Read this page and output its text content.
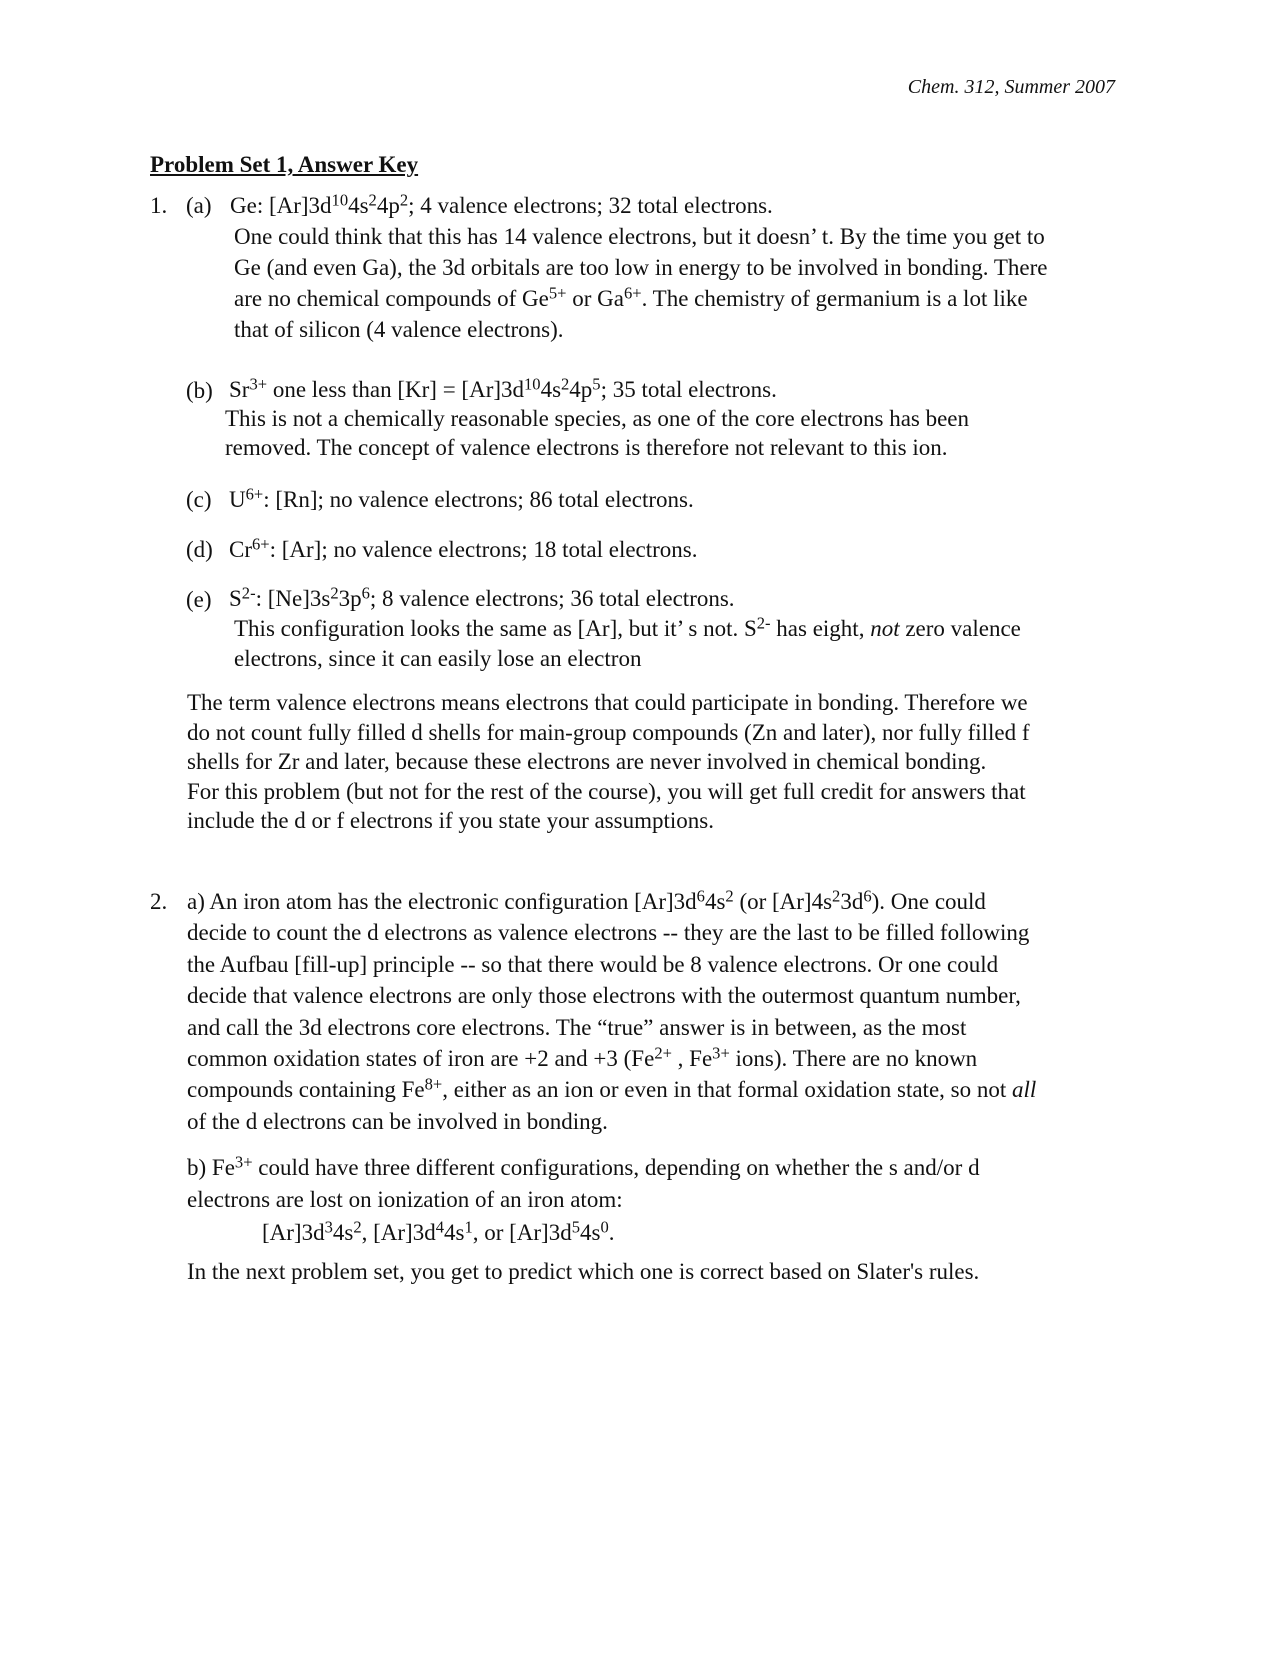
Chem. 312, Summer 2007
Problem Set 1, Answer Key
1. (a) Ge: $[Ar]3d^{10}4s^24p^2$; 4 valence electrons; 32 total electrons.

One could think that this has 14 valence electrons, but it doesn’ t. By the time you get to

Ge (and even Ga), the 3d orbitals are too low in energy to be involved in bonding. There

are no chemical compounds of $Ge^{5+}$ or $Ga^{6+}$. The chemistry of germanium is a lot like

that of silicon (4 valence electrons).

(b) $Sr^{3+}$ one less than $[Kr] = [Ar]3d^{10}4s^24p^5$; 35 total electrons.

This is not a chemically reasonable species, as one of the core electrons has been

removed. The concept of valence electrons is therefore not relevant to this ion.

(c) $U^{6+}$: [Rn]; no valence electrons; 86 total electrons.

(d) $Cr^{6+}$: [Ar]; no valence electrons; 18 total electrons.

(e) $S^{2-}$: $[Ne]3s^23p^6$; 8 valence electrons; 36 total electrons.

This configuration looks the same as [Ar], but it’ s not. $S^{2-}$ has eight, not zero valence

electrons, since it can easily lose an electron

The term valence electrons means electrons that could participate in bonding. Therefore we

do not count fully filled d shells for main-group compounds (Zn and later), nor fully filled f

shells for Zr and later, because these electrons are never involved in chemical bonding.

For this problem (but not for the rest of the course), you will get full credit for answers that

include the d or f electrons if you state your assumptions.

2. a) An iron atom has the electronic configuration $[Ar]3d^64s^2$ (or $[Ar]4s^23d^6$). One could

decide to count the d electrons as valence electrons -- they are the last to be filled following

the Aufbau [fill-up] principle -- so that there would be 8 valence electrons. Or one could

decide that valence electrons are only those electrons with the outermost quantum number,

and call the 3d electrons core electrons. The “true” answer is in between, as the most

common oxidation states of iron are +2 and +3 ($Fe^{2+}$ , $Fe^{3+}$ ions). There are no known

compounds containing $Fe^{8+}$, either as an ion or even in that formal oxidation state, so not all

of the d electrons can be involved in bonding.

b) $Fe^{3+}$ could have three different configurations, depending on whether the s and/or d

electrons are lost on ionization of an iron atom:

$[Ar]3d^34s^2$, $[Ar]3d^44s^1$, or $[Ar]3d^54s^0$.

In the next problem set, you get to predict which one is correct based on Slater's rules.
